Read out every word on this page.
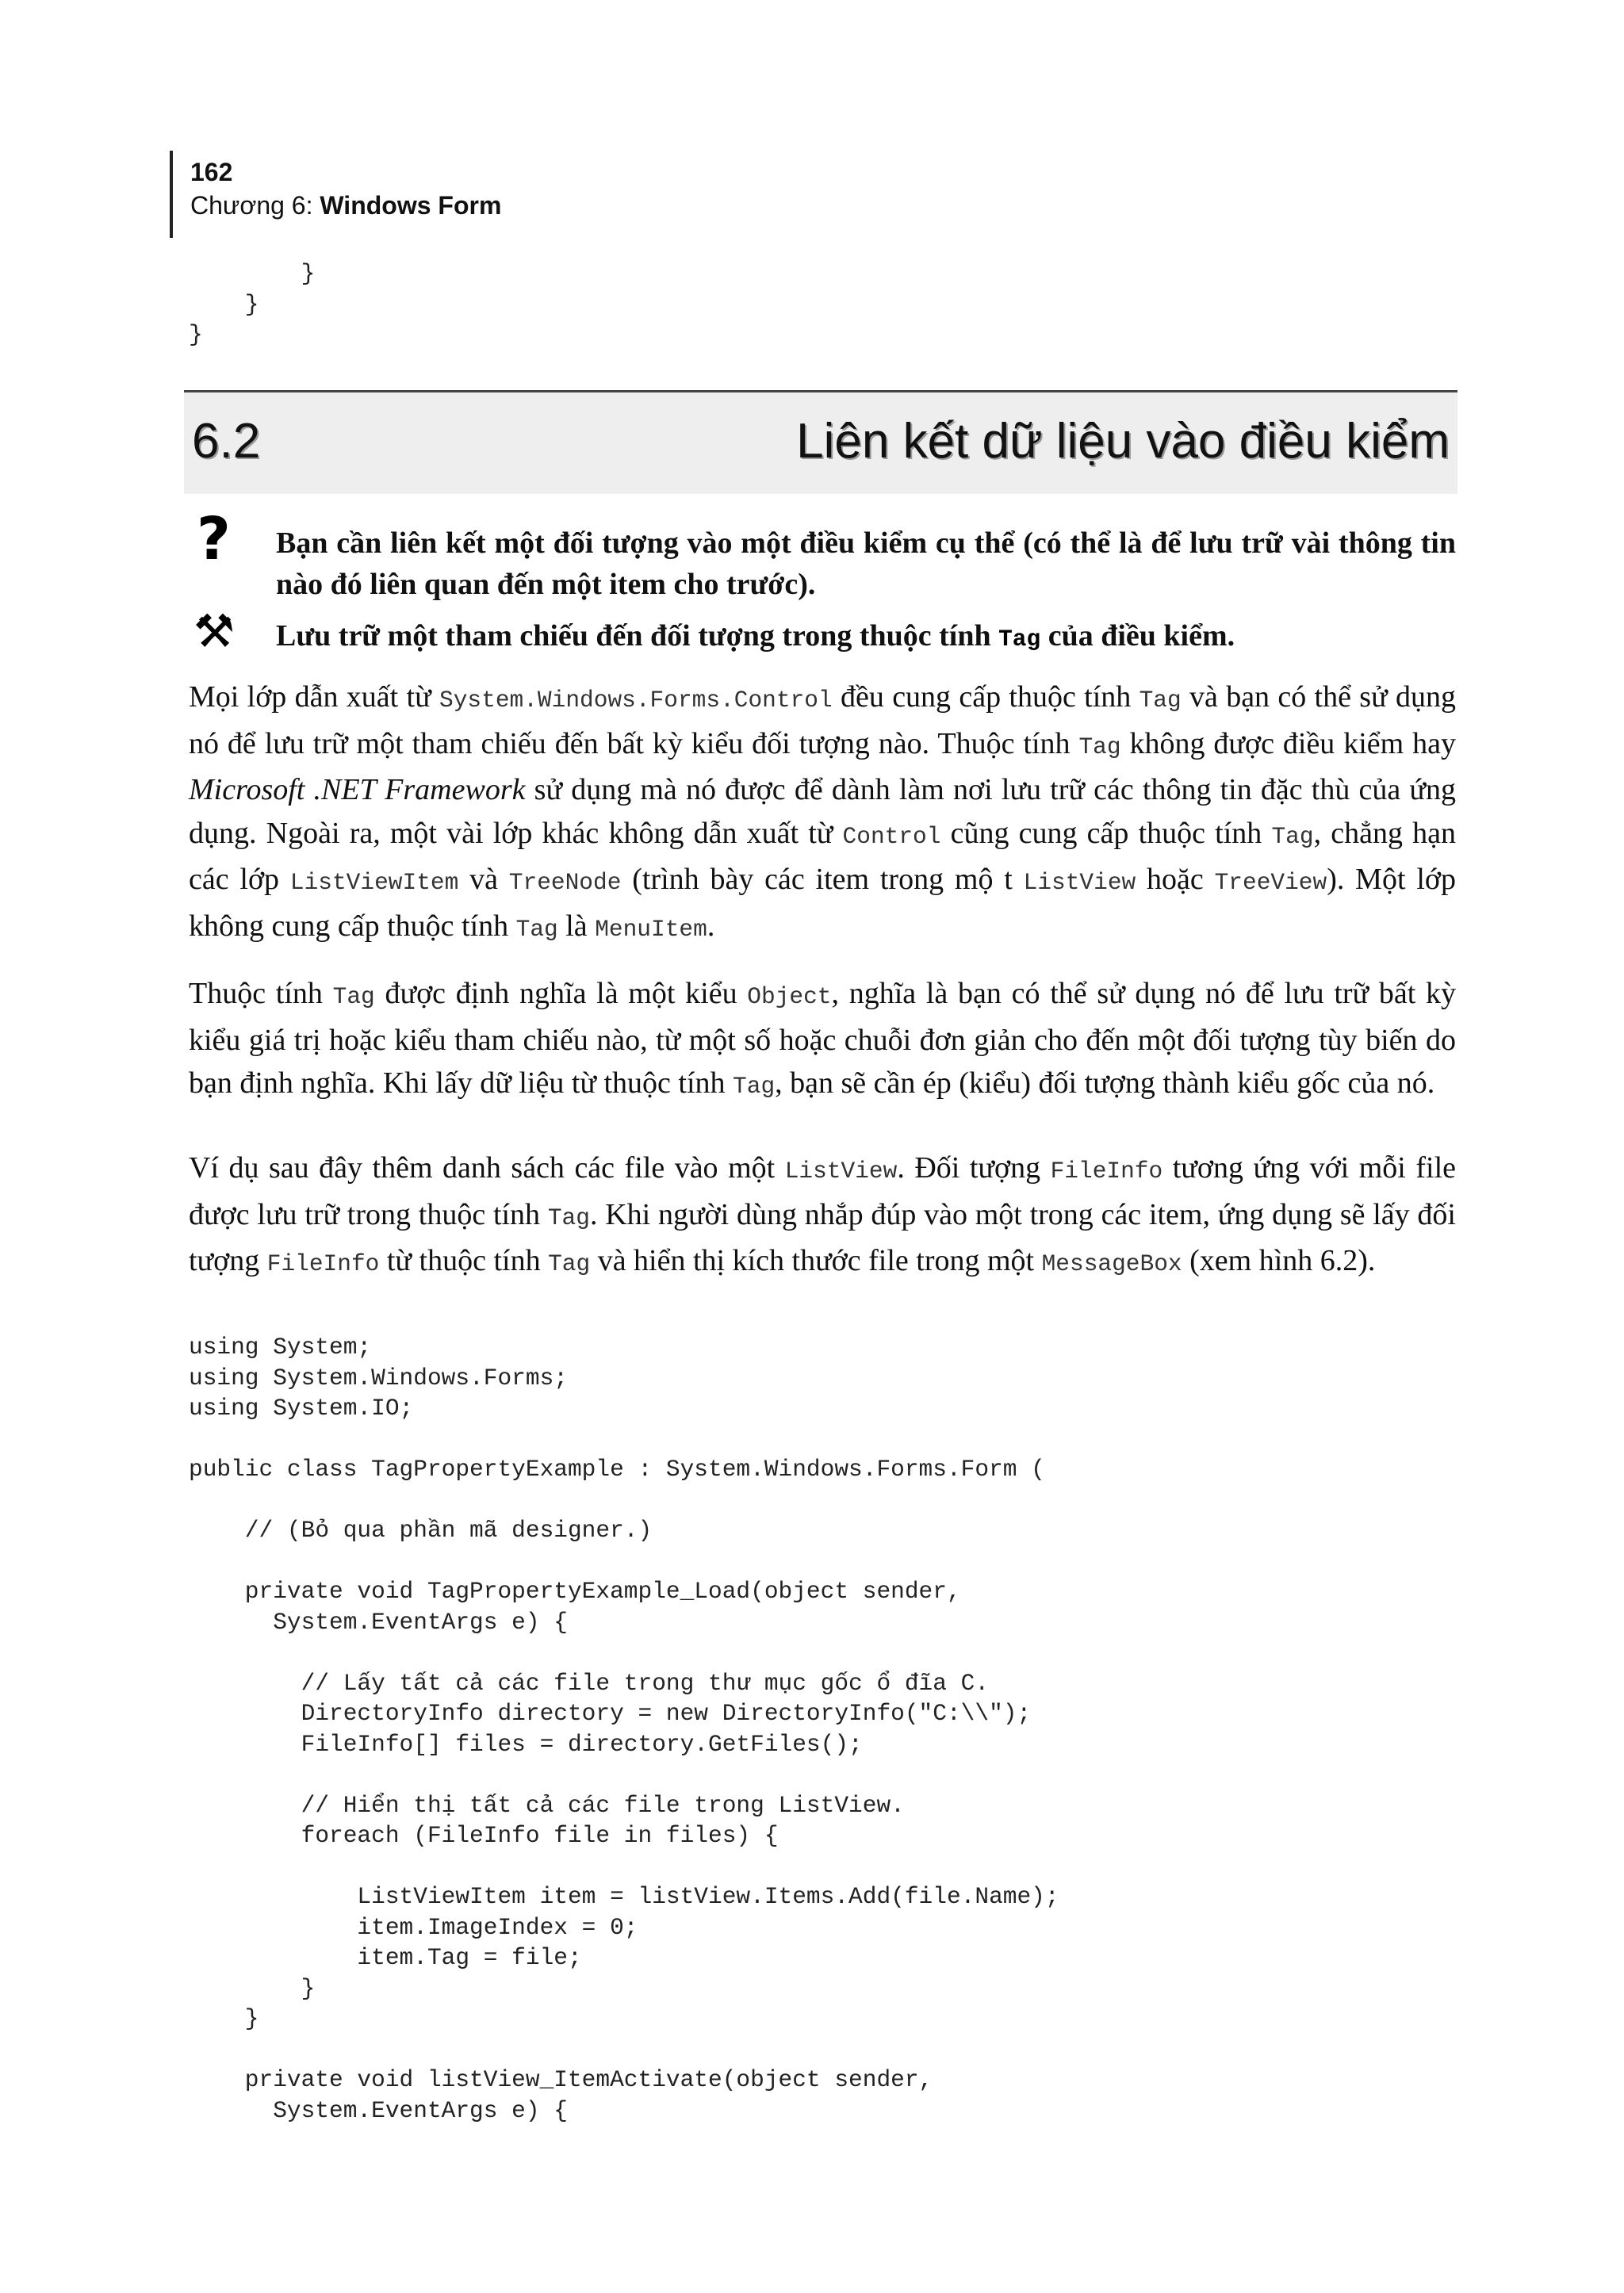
162
Chương 6: Windows Form
}
}
}
6.2	Liên kết dữ liệu vào điều kiểm
? Bạn cần liên kết một đối tượng vào một điều kiểm cụ thể (có thể là để lưu trữ vài thông tin nào đó liên quan đến một item cho trước).
⚒ Lưu trữ một tham chiếu đến đối tượng trong thuộc tính Tag của điều kiểm.

Mọi lớp dẫn xuất từ System.Windows.Forms.Control đều cung cấp thuộc tính Tag và bạn có thể sử dụng nó để lưu trữ một tham chiếu đến bất kỳ kiểu đối tượng nào. Thuộc tính Tag không được điều kiểm hay Microsoft .NET Framework sử dụng mà nó được để dành làm nơi lưu trữ các thông tin đặc thù của ứng dụng. Ngoài ra, một vài lớp khác không dẫn xuất từ Control cũng cung cấp thuộc tính Tag, chẳng hạn các lớp ListViewItem và TreeNode (trình bày các item trong mộ t ListView hoặc TreeView). Một lớp không cung cấp thuộc tính Tag là MenuItem.

Thuộc tính Tag được định nghĩa là một kiểu Object, nghĩa là bạn có thể sử dụng nó để lưu trữ bất kỳ kiểu giá trị hoặc kiểu tham chiếu nào, từ một số hoặc chuỗi đơn giản cho đến một đối tượng tùy biến do bạn định nghĩa. Khi lấy dữ liệu từ thuộc tính Tag, bạn sẽ cần ép (kiểu) đối tượng thành kiểu gốc của nó.

Ví dụ sau đây thêm danh sách các file vào một ListView. Đối tượng FileInfo tương ứng với mỗi file được lưu trữ trong thuộc tính Tag. Khi người dùng nhắp đúp vào một trong các item, ứng dụng sẽ lấy đối tượng FileInfo từ thuộc tính Tag và hiển thị kích thước file trong một MessageBox (xem hình 6.2).

using System;
using System.Windows.Forms;
using System.IO;

public class TagPropertyExample : System.Windows.Forms.Form (

// (Bỏ qua phần mã designer.)

private void TagPropertyExample_Load(object sender,
System.EventArgs e) {

// Lấy tất cả các file trong thư mục gốc ổ đĩa C.
DirectoryInfo directory = new DirectoryInfo("C:\\");
FileInfo[] files = directory.GetFiles();

// Hiển thị tất cả các file trong ListView.
foreach (FileInfo file in files) {

ListViewItem item = listView.Items.Add(file.Name);
item.ImageIndex = 0;
item.Tag = file;
}
}

private void listView_ItemActivate(object sender,
System.EventArgs e) {
